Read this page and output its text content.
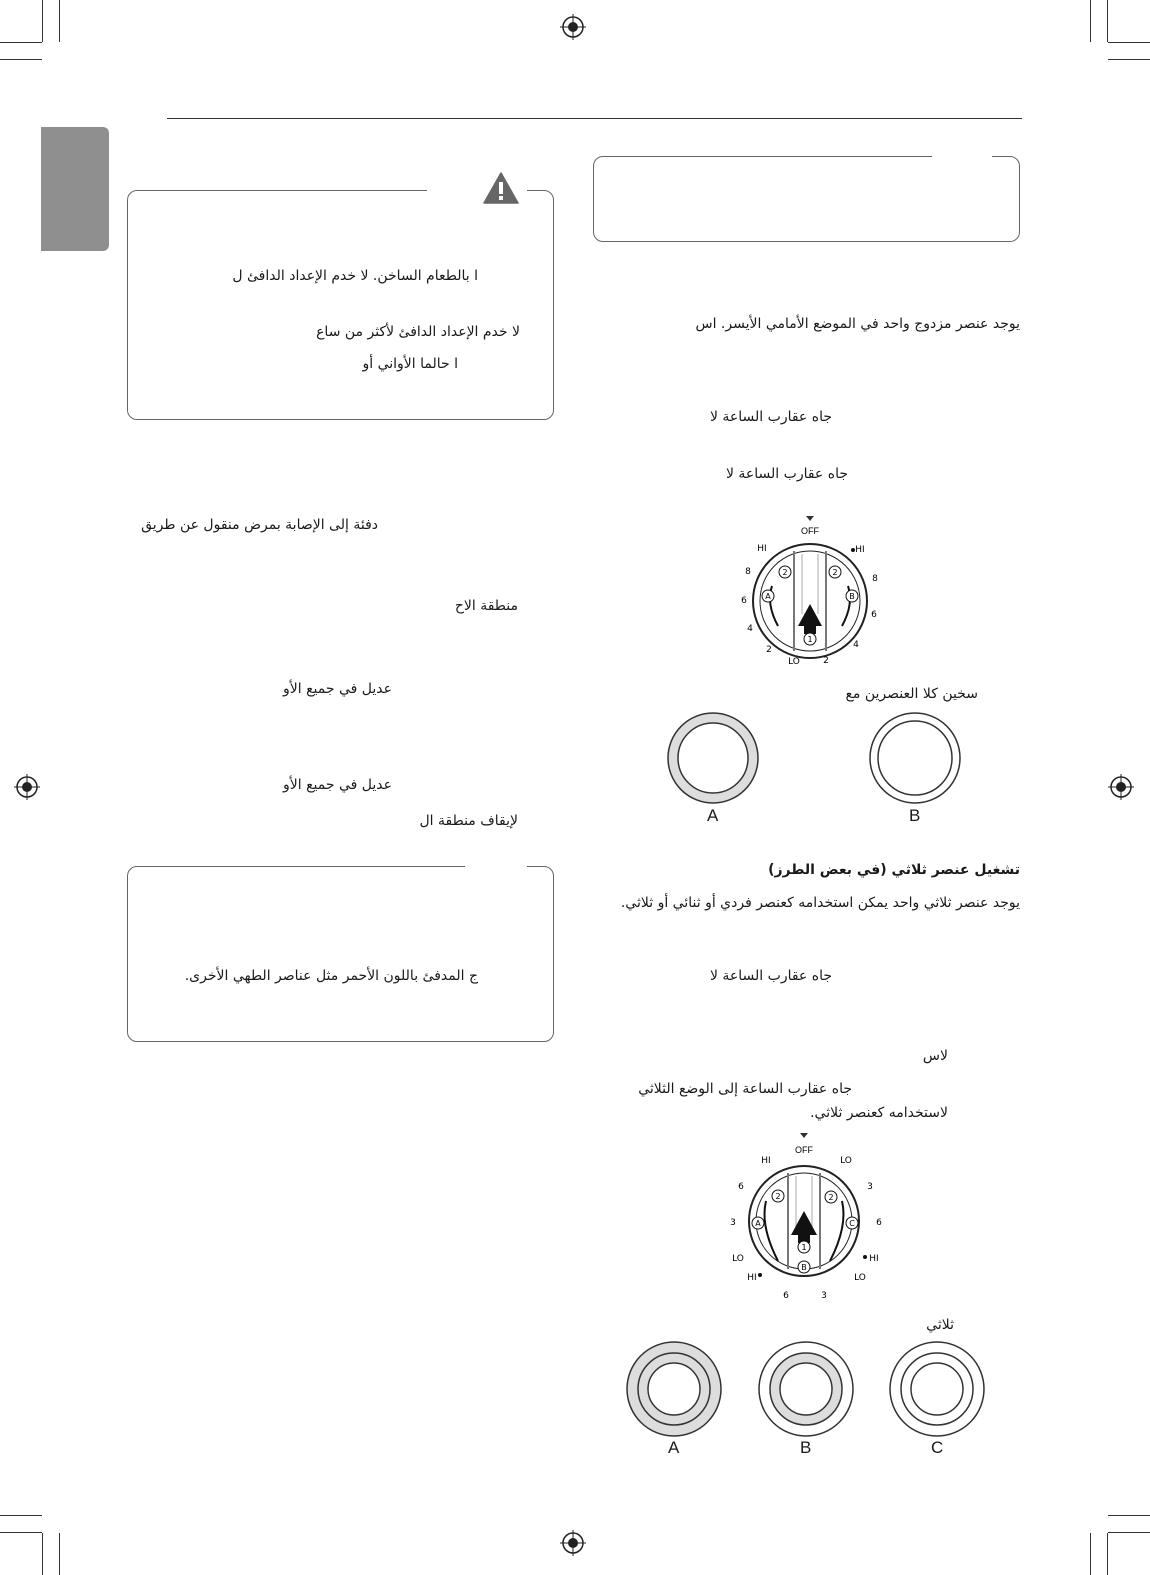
ا بالطعام الساخن. لا خدم الإعداد الدافئ ل
لا خدم الإعداد الدافئ لأكثر من ساع
ا حالما الأواني أو
دفئة إلى الإصابة بمرض منقول عن طريق
منطقة الاح
عديل في جميع الأو
عديل في جميع الأو
لإيقاف منطقة ال
ج المدفئ باللون الأحمر مثل عناصر الطهي الأخرى.
يوجد عنصر مزدوج واحد في الموضع الأمامي الأيسر. اس
جاه عقارب الساعة لا
جاه عقارب الساعة لا
OFF
2	2
1
A	B
HI	HI
8
6
4
2
8
6
4
2
LO
سخين كلا العنصرين مع
A	B
تشغيل عنصر ثلاثي (في بعض الطرز)
يوجد عنصر ثلاثي واحد يمكن استخدامه كعنصر فردي أو ثنائي أو ثلاثي.
جاه عقارب الساعة لا
لاس
جاه عقارب الساعة إلى الوضع الثلاثي
لاستخدامه كعنصر ثلاثي.
OFF
2	2
1
A
B
C
HI	LO
6
3
3
6
LO
HI
HI
LO
6	3
ثلاثي
A	B	C
